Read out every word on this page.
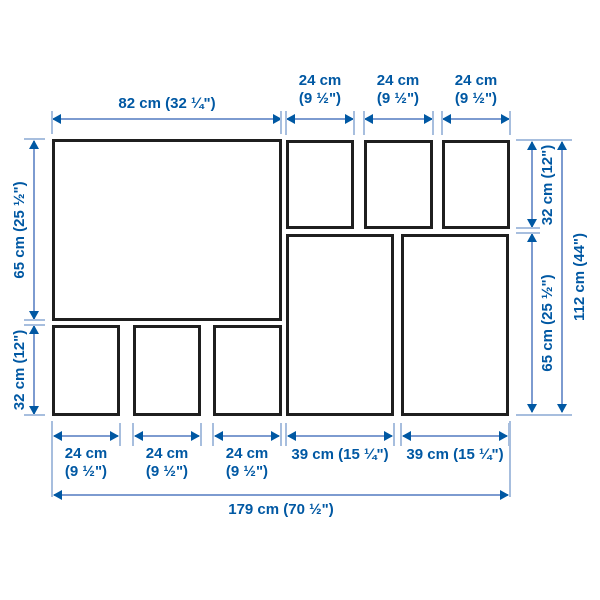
82 cm (32 ¼")
24 cm
(9 ½")
24 cm
(9 ½")
24 cm
(9 ½")
65 cm (25 ½")
32 cm (12")
32 cm (12")
65 cm (25 ½") 112 cm (44")
24 cm
(9 ½")
24 cm
(9 ½")
24 cm
(9 ½")
39 cm (15 ¼") 39 cm (15 ¼")
179 cm (70 ½")
